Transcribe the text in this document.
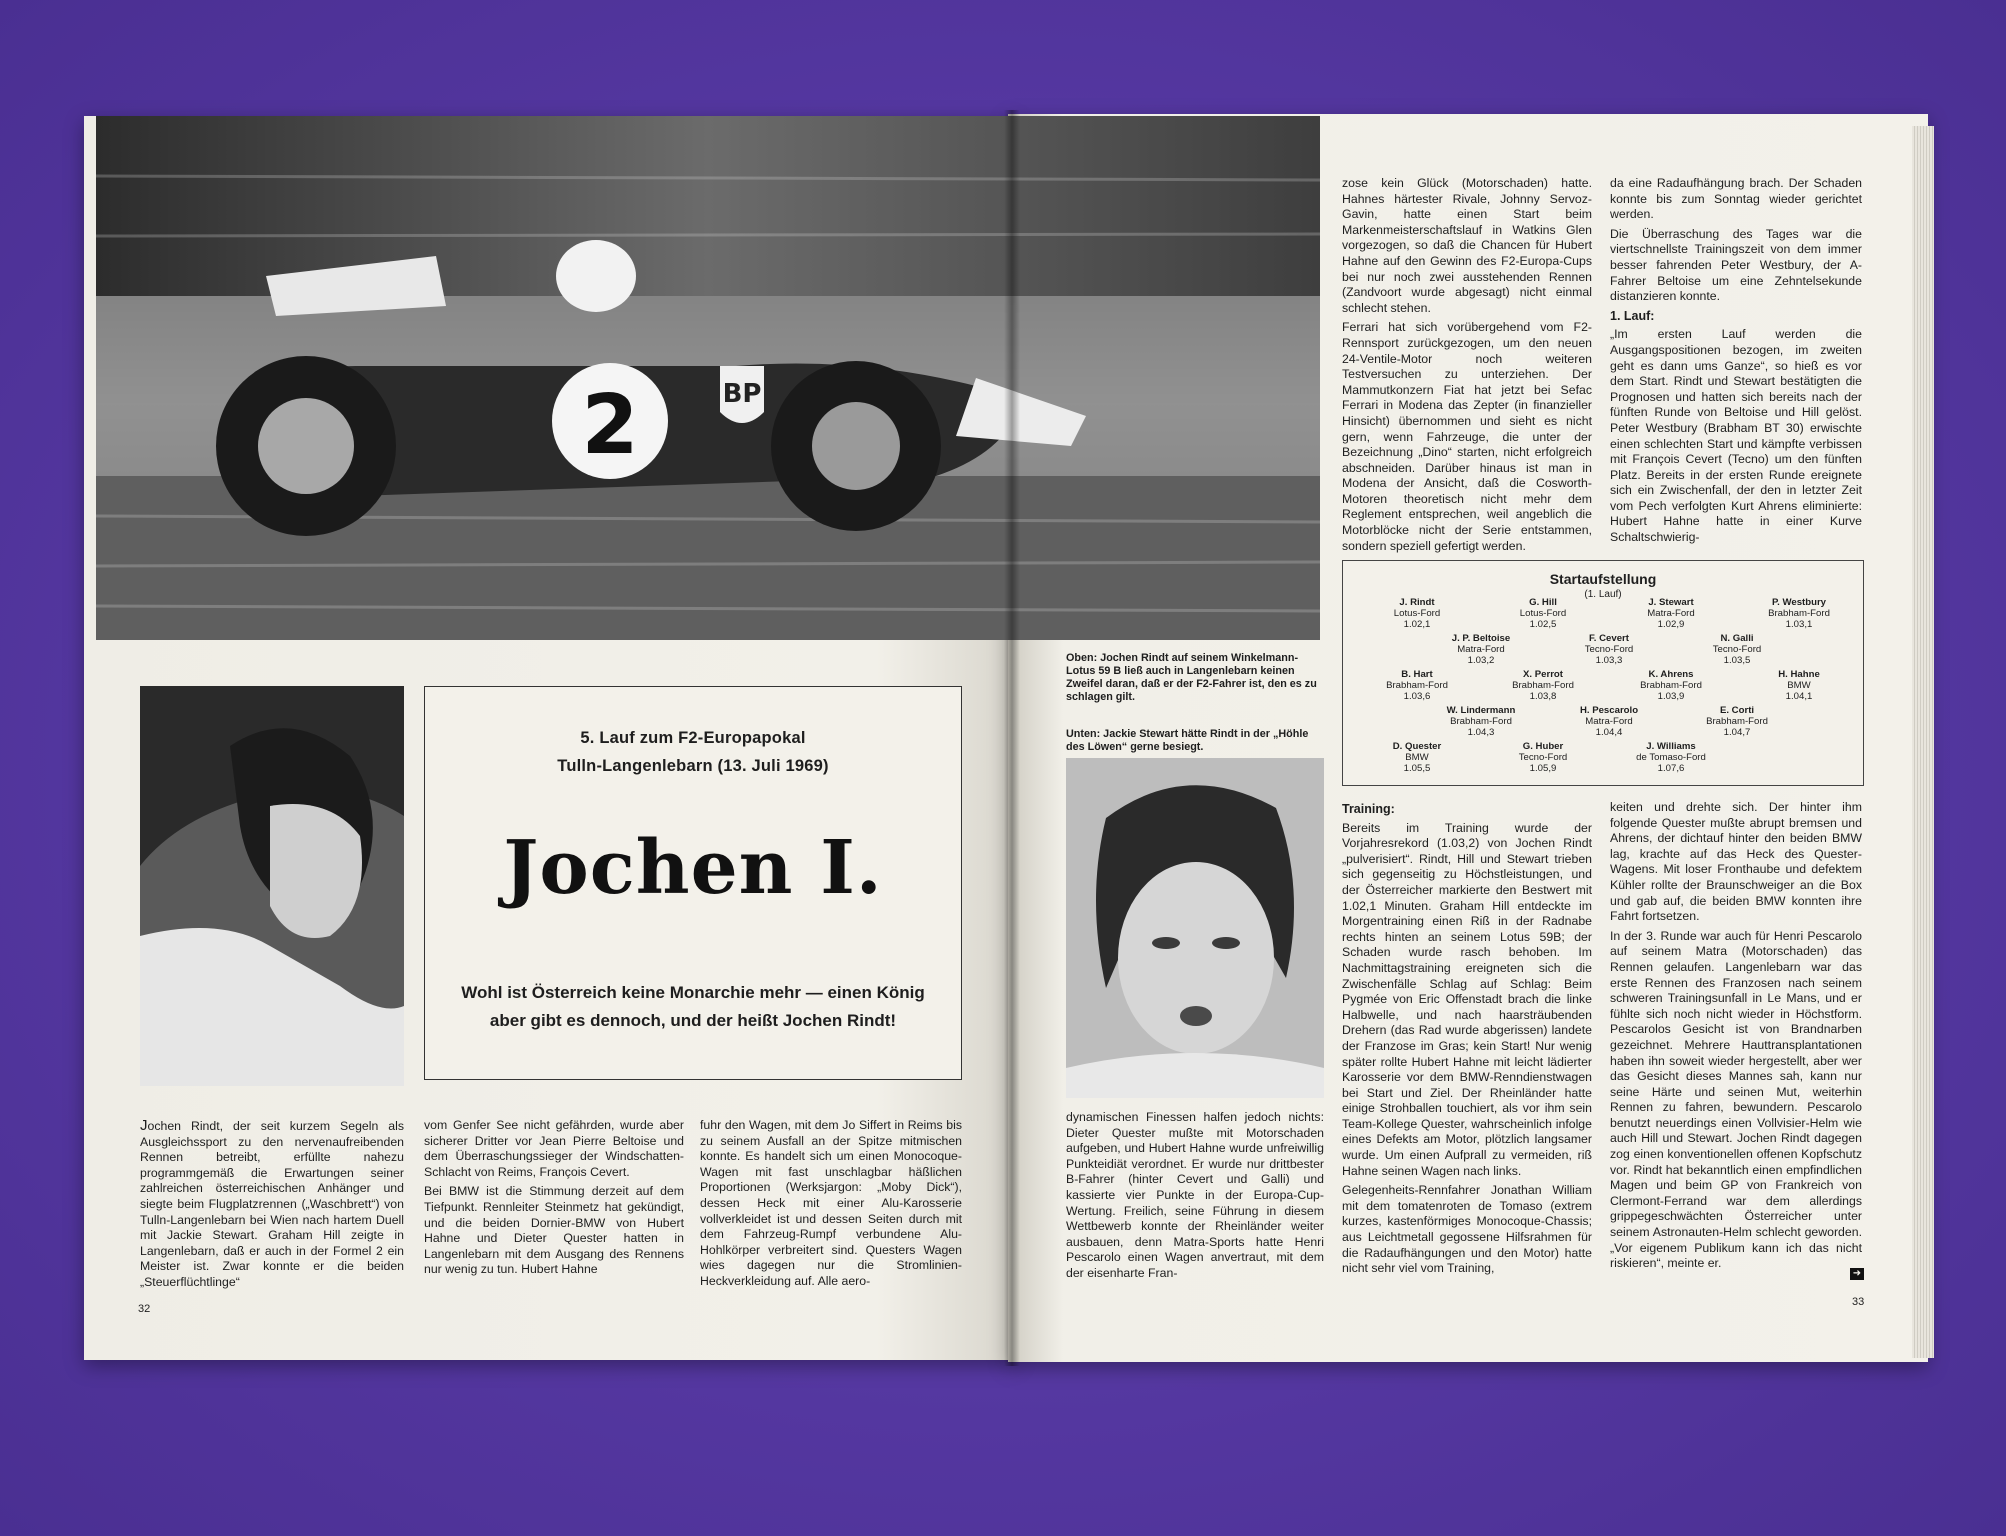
2	BP
5. Lauf zum F2-Europapokal
Tulln-Langenlebarn (13. Juli 1969)
Jochen I.
Wohl ist Österreich keine Monarchie mehr — einen König
aber gibt es dennoch, und der heißt Jochen Rindt!

Jochen Rindt, der seit kurzem Segeln als Ausgleichssport zu den nervenaufreibenden Rennen betreibt, erfüllte nahezu programmgemäß die Erwartungen seiner zahlreichen österreichischen Anhänger und siegte beim Flugplatzrennen („Waschbrett“) von Tulln-Langenlebarn bei Wien nach hartem Duell mit Jackie Stewart. Graham Hill zeigte in Langenlebarn, daß er auch in der Formel 2 ein Meister ist. Zwar konnte er die beiden „Steuerflüchtlinge“

vom Genfer See nicht gefährden, wurde aber sicherer Dritter vor Jean Pierre Beltoise und dem Überraschungssieger der Windschatten-Schlacht von Reims, François Cevert.

Bei BMW ist die Stimmung derzeit auf dem Tiefpunkt. Rennleiter Steinmetz hat gekündigt, und die beiden Dornier-BMW von Hubert Hahne und Dieter Quester hatten in Langenlebarn mit dem Ausgang des Rennens nur wenig zu tun. Hubert Hahne

fuhr den Wagen, mit dem Jo Siffert in Reims bis zu seinem Ausfall an der Spitze mitmischen konnte. Es handelt sich um einen Monocoque-Wagen mit fast unschlagbar häßlichen Proportionen (Werksjargon: „Moby Dick“), dessen Heck mit einer Alu-Karosserie vollverkleidet ist und dessen Seiten durch mit dem Fahrzeug-Rumpf verbundene Alu-Hohlkörper verbreitert sind. Questers Wagen wies dagegen nur die Stromlinien-Heckverkleidung auf. Alle aero-

32
Oben: Jochen Rindt auf seinem Winkelmann-Lotus 59 B ließ auch in Langenlebarn keinen Zweifel daran, daß er der F2-Fahrer ist, den es zu schlagen gilt.
Unten: Jackie Stewart hätte Rindt in der „Höhle des Löwen“ gerne besiegt.

dynamischen Finessen halfen jedoch nichts: Dieter Quester mußte mit Motorschaden aufgeben, und Hubert Hahne wurde unfreiwillig Punkteidiät verordnet. Er wurde nur drittbester B-Fahrer (hinter Cevert und Galli) und kassierte vier Punkte in der Europa-Cup-Wertung. Freilich, seine Führung in diesem Wettbewerb konnte der Rheinländer weiter ausbauen, denn Matra-Sports hatte Henri Pescarolo einen Wagen anvertraut, mit dem der eisenharte Fran-

zose kein Glück (Motorschaden) hatte. Hahnes härtester Rivale, Johnny Servoz-Gavin, hatte einen Start beim Markenmeisterschaftslauf in Watkins Glen vorgezogen, so daß die Chancen für Hubert Hahne auf den Gewinn des F2-Europa-Cups bei nur noch zwei ausstehenden Rennen (Zandvoort wurde abgesagt) nicht einmal schlecht stehen.

Ferrari hat sich vorübergehend vom F2-Rennsport zurückgezogen, um den neuen 24-Ventile-Motor noch weiteren Testversuchen zu unterziehen. Der Mammutkonzern Fiat hat jetzt bei Sefac Ferrari in Modena das Zepter (in finanzieller Hinsicht) übernommen und sieht es nicht gern, wenn Fahrzeuge, die unter der Bezeichnung „Dino“ starten, nicht erfolgreich abschneiden. Darüber hinaus ist man in Modena der Ansicht, daß die Cosworth-Motoren theoretisch nicht mehr dem Reglement entsprechen, weil angeblich die Motorblöcke nicht der Serie entstammen, sondern speziell gefertigt werden.

da eine Radaufhängung brach. Der Schaden konnte bis zum Sonntag wieder gerichtet werden.

Die Überraschung des Tages war die viertschnellste Trainingszeit von dem immer besser fahrenden Peter Westbury, der A-Fahrer Beltoise um eine Zehntelsekunde distanzieren konnte.

1. Lauf:

„Im ersten Lauf werden die Ausgangspositionen bezogen, im zweiten geht es dann ums Ganze“, so hieß es vor dem Start. Rindt und Stewart bestätigten die Prognosen und hatten sich bereits nach der fünften Runde von Beltoise und Hill gelöst. Peter Westbury (Brabham BT 30) erwischte einen schlechten Start und kämpfte verbissen mit François Cevert (Tecno) um den fünften Platz. Bereits in der ersten Runde ereignete sich ein Zwischenfall, der den in letzter Zeit vom Pech verfolgten Kurt Ahrens eliminierte: Hubert Hahne hatte in einer Kurve Schaltschwierig-

Startaufstellung
(1. Lauf)
J. Rindt
Lotus-Ford
1.02,1
G. Hill
Lotus-Ford
1.02,5
J. Stewart
Matra-Ford
1.02,9
P. Westbury
Brabham-Ford
1.03,1
J. P. Beltoise
Matra-Ford
1.03,2
F. Cevert
Tecno-Ford
1.03,3
N. Galli
Tecno-Ford
1.03,5
B. Hart
Brabham-Ford
1.03,6
X. Perrot
Brabham-Ford
1.03,8
K. Ahrens
Brabham-Ford
1.03,9
H. Hahne
BMW
1.04,1
W. Lindermann
Brabham-Ford
1.04,3
H. Pescarolo
Matra-Ford
1.04,4
E. Corti
Brabham-Ford
1.04,7
D. Quester
BMW
1.05,5
G. Huber
Tecno-Ford
1.05,9
J. Williams
de Tomaso-Ford
1.07,6
Training:

Bereits im Training wurde der Vorjahresrekord (1.03,2) von Jochen Rindt „pulverisiert“. Rindt, Hill und Stewart trieben sich gegenseitig zu Höchstleistungen, und der Österreicher markierte den Bestwert mit 1.02,1 Minuten. Graham Hill entdeckte im Morgentraining einen Riß in der Radnabe rechts hinten an seinem Lotus 59B; der Schaden wurde rasch behoben. Im Nachmittagstraining ereigneten sich die Zwischenfälle Schlag auf Schlag: Beim Pygmée von Eric Offenstadt brach die linke Halbwelle, und nach haarsträubenden Drehern (das Rad wurde abgerissen) landete der Franzose im Gras; kein Start! Nur wenig später rollte Hubert Hahne mit leicht lädierter Karosserie vor dem BMW-Renndienstwagen bei Start und Ziel. Der Rheinländer hatte einige Strohballen touchiert, als vor ihm sein Team-Kollege Quester, wahrscheinlich infolge eines Defekts am Motor, plötzlich langsamer wurde. Um einen Aufprall zu vermeiden, riß Hahne seinen Wagen nach links.

Gelegenheits-Rennfahrer Jonathan William mit dem tomatenroten de Tomaso (extrem kurzes, kastenförmiges Monocoque-Chassis; aus Leichtmetall gegossene Hilfsrahmen für die Radaufhängungen und den Motor) hatte nicht sehr viel vom Training,

keiten und drehte sich. Der hinter ihm folgende Quester mußte abrupt bremsen und Ahrens, der dichtauf hinter den beiden BMW lag, krachte auf das Heck des Quester-Wagens. Mit loser Fronthaube und defektem Kühler rollte der Braunschweiger an die Box und gab auf, die beiden BMW konnten ihre Fahrt fortsetzen.

In der 3. Runde war auch für Henri Pescarolo auf seinem Matra (Motorschaden) das Rennen gelaufen. Langenlebarn war das erste Rennen des Franzosen nach seinem schweren Trainingsunfall in Le Mans, und er fühlte sich noch nicht wieder in Höchstform. Pescarolos Gesicht ist von Brandnarben gezeichnet. Mehrere Hauttransplantationen haben ihn soweit wieder hergestellt, aber wer das Gesicht dieses Mannes sah, kann nur seine Härte und seinen Mut, weiterhin Rennen zu fahren, bewundern. Pescarolo benutzt neuerdings einen Vollvisier-Helm wie auch Hill und Stewart. Jochen Rindt dagegen zog einen konventionellen offenen Kopfschutz vor. Rindt hat bekanntlich einen empfindlichen Magen und beim GP von Frankreich von Clermont-Ferrand war dem allerdings grippegeschwächten Österreicher unter seinem Astronauten-Helm schlecht geworden. „Vor eigenem Publikum kann ich das nicht riskieren“, meinte er.

➜
33
